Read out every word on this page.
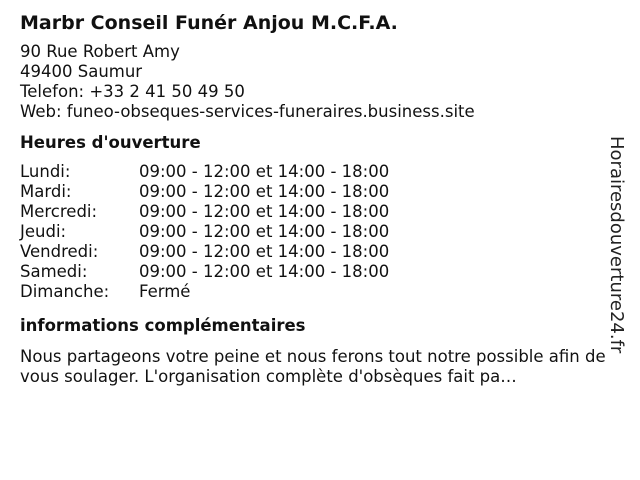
Marbr Conseil Funér Anjou M.C.F.A.
90 Rue Robert Amy
49400 Saumur
Telefon: +33 2 41 50 49 50
Web: funeo-obseques-services-funeraires.business.site
Heures d'ouverture
Lundi:	09:00 - 12:00 et 14:00 - 18:00
Mardi:	09:00 - 12:00 et 14:00 - 18:00
Mercredi:	09:00 - 12:00 et 14:00 - 18:00
Jeudi:	09:00 - 12:00 et 14:00 - 18:00
Vendredi:	09:00 - 12:00 et 14:00 - 18:00
Samedi:	09:00 - 12:00 et 14:00 - 18:00
Dimanche:	Fermé
informations complémentaires
Nous partageons votre peine et nous ferons tout notre possible afin de vous soulager. L'organisation complète d'obsèques fait pa…
Horairesdouverture24.fr
